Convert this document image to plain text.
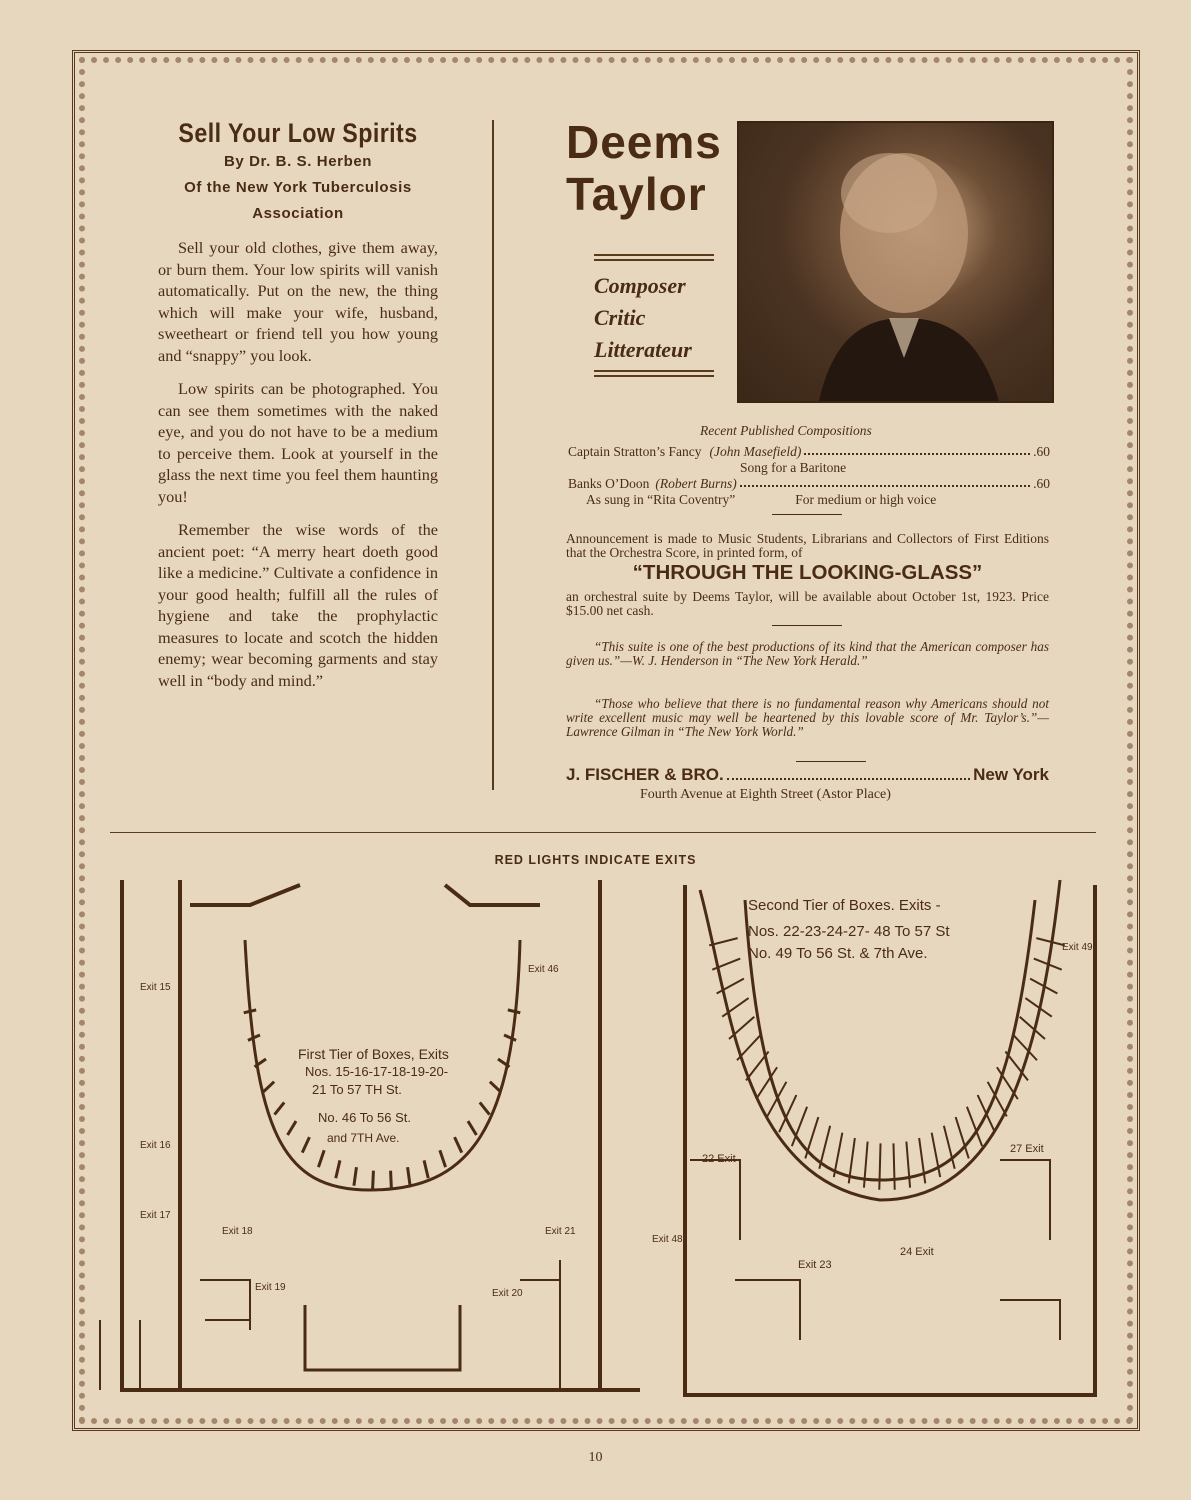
Sell Your Low Spirits
By Dr. B. S. Herben
Of the New York Tuberculosis
Association

Sell your old clothes, give them away, or burn them. Your low spirits will vanish automatically. Put on the new, the thing which will make your wife, husband, sweetheart or friend tell you how young and “snappy” you look.

Low spirits can be photographed. You can see them sometimes with the naked eye, and you do not have to be a medium to perceive them. Look at yourself in the glass the next time you feel them haunting you!

Remember the wise words of the ancient poet: “A merry heart doeth good like a medicine.” Cultivate a confidence in your good health; fulfill all the rules of hygiene and take the prophylactic measures to locate and scotch the hidden enemy; wear becoming garments and stay well in “body and mind.”

Deems
Taylor
Composer
Critic
Litterateur
Recent Published Compositions
Captain Stratton’s Fancy (John Masefield)	.60
Song for a Baritone
Banks O’Doon (Robert Burns)	.60
As sung in “Rita Coventry”	For medium or high voice
Announcement is made to Music Students, Librarians and Collectors of First Editions that the Orchestra Score, in printed form, of
“THROUGH THE LOOKING-GLASS”
an orchestral suite by Deems Taylor, will be available about October 1st, 1923. Price $15.00 net cash.
“This suite is one of the best productions of its kind that the American composer has given us.”—W. J. Henderson in “The New York Herald.”
“Those who believe that there is no fundamental reason why Americans should not write excellent music may well be heartened by this lovable score of Mr. Taylor’s.”—Lawrence Gilman in “The New York World.”
J. FISCHER & BRO.	New York
Fourth Avenue at Eighth Street (Astor Place)
RED LIGHTS INDICATE EXITS
First Tier of Boxes, Exits
Nos. 15-16-17-18-19-20-
21 To 57 TH St.
No. 46 To 56 St.
and 7TH Ave.
Second Tier of Boxes. Exits -
Nos. 22-23-24-27- 48 To 57 St
No. 49 To 56 St. & 7th Ave.
Exit 15
Exit 16
Exit 17
Exit 18
Exit 19
Exit 20
Exit 21
Exit 46
22 Exit
Exit 23
24 Exit
27 Exit
Exit 48
Exit 49
10
